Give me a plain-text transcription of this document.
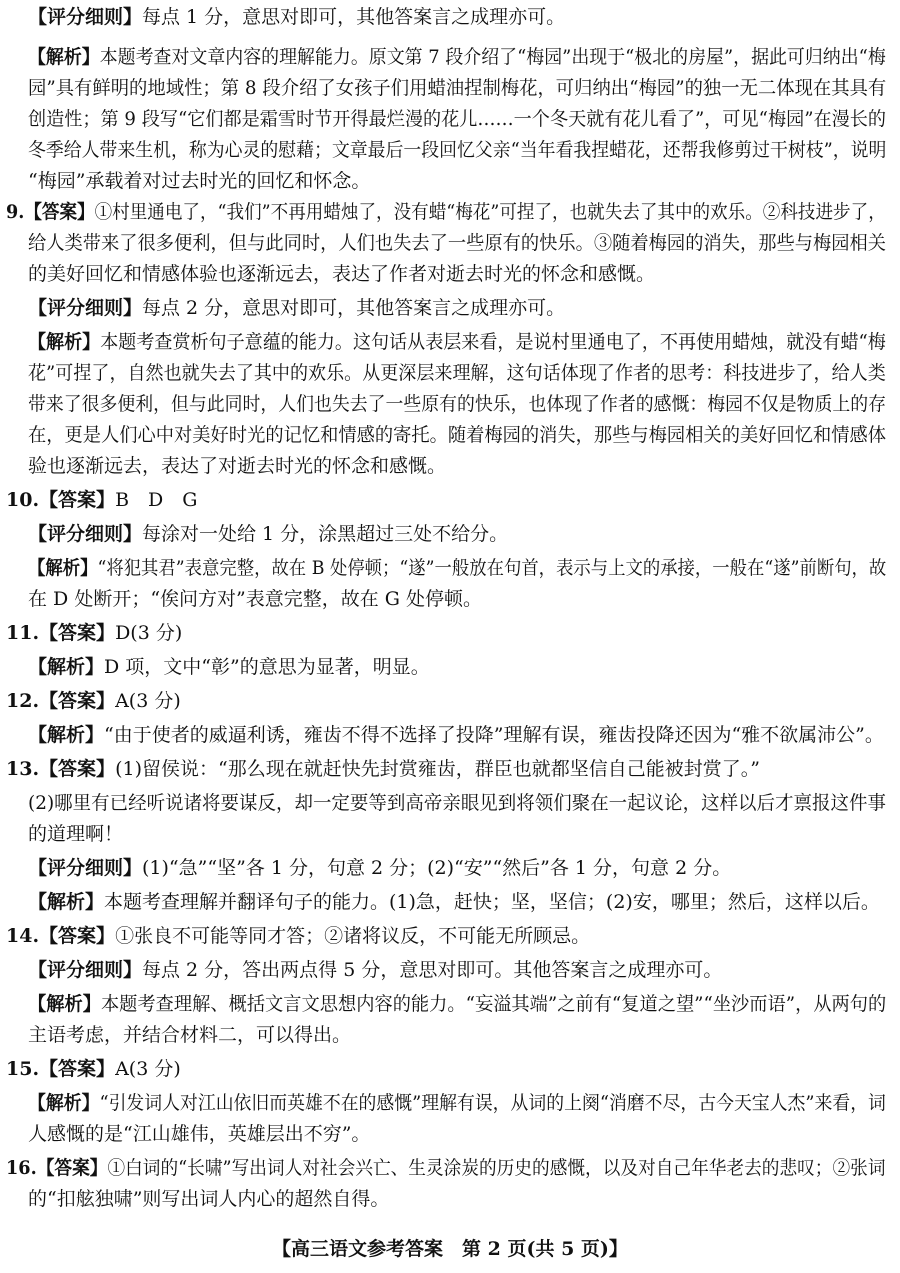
【评分细则】每点 1 分，意思对即可，其他答案言之成理亦可。
【解析】本题考查对文章内容的理解能力。原文第 7 段介绍了“梅园”出现于“极北的房屋”，据此可归纳出“梅
园”具有鲜明的地域性；第 8 段介绍了女孩子们用蜡油捏制梅花，可归纳出“梅园”的独一无二体现在其具有
创造性；第 9 段写“它们都是霜雪时节开得最烂漫的花儿……一个冬天就有花儿看了”，可见“梅园”在漫长的
冬季给人带来生机，称为心灵的慰藉；文章最后一段回忆父亲“当年看我捏蜡花，还帮我修剪过干树枝”，说明
“梅园”承载着对过去时光的回忆和怀念。
9.【答案】①村里通电了，“我们”不再用蜡烛了，没有蜡“梅花”可捏了，也就失去了其中的欢乐。②科技进步了，
给人类带来了很多便利，但与此同时，人们也失去了一些原有的快乐。③随着梅园的消失，那些与梅园相关
的美好回忆和情感体验也逐渐远去，表达了作者对逝去时光的怀念和感慨。
【评分细则】每点 2 分，意思对即可，其他答案言之成理亦可。
【解析】本题考查赏析句子意蕴的能力。这句话从表层来看，是说村里通电了，不再使用蜡烛，就没有蜡“梅
花”可捏了，自然也就失去了其中的欢乐。从更深层来理解，这句话体现了作者的思考：科技进步了，给人类
带来了很多便利，但与此同时，人们也失去了一些原有的快乐，也体现了作者的感慨：梅园不仅是物质上的存
在，更是人们心中对美好时光的记忆和情感的寄托。随着梅园的消失，那些与梅园相关的美好回忆和情感体
验也逐渐远去，表达了对逝去时光的怀念和感慨。
10.【答案】B　D　G
【评分细则】每涂对一处给 1 分，涂黑超过三处不给分。
【解析】“将犯其君”表意完整，故在 B 处停顿；“遂”一般放在句首，表示与上文的承接，一般在“遂”前断句，故
在 D 处断开；“俟问方对”表意完整，故在 G 处停顿。
11.【答案】D(3 分)
【解析】D 项，文中“彰”的意思为显著，明显。
12.【答案】A(3 分)
【解析】“由于使者的威逼利诱，雍齿不得不选择了投降”理解有误，雍齿投降还因为“雅不欲属沛公”。
13.【答案】(1)留侯说：“那么现在就赶快先封赏雍齿，群臣也就都坚信自己能被封赏了。”
(2)哪里有已经听说诸将要谋反，却一定要等到高帝亲眼见到将领们聚在一起议论，这样以后才禀报这件事
的道理啊！
【评分细则】(1)“急”“坚”各 1 分，句意 2 分；(2)“安”“然后”各 1 分，句意 2 分。
【解析】本题考查理解并翻译句子的能力。(1)急，赶快；坚，坚信；(2)安，哪里；然后，这样以后。
14.【答案】①张良不可能等同才答；②诸将议反，不可能无所顾忌。
【评分细则】每点 2 分，答出两点得 5 分，意思对即可。其他答案言之成理亦可。
【解析】本题考查理解、概括文言文思想内容的能力。“妄溢其端”之前有“复道之望”“坐沙而语”，从两句的
主语考虑，并结合材料二，可以得出。
15.【答案】A(3 分)
【解析】“引发词人对江山依旧而英雄不在的感慨”理解有误，从词的上阕“消磨不尽，古今天宝人杰”来看，词
人感慨的是“江山雄伟，英雄层出不穷”。
16.【答案】①白词的“长啸”写出词人对社会兴亡、生灵涂炭的历史的感慨，以及对自己年华老去的悲叹；②张词
的“扣舷独啸”则写出词人内心的超然自得。
【高三语文参考答案　第 2 页(共 5 页)】
